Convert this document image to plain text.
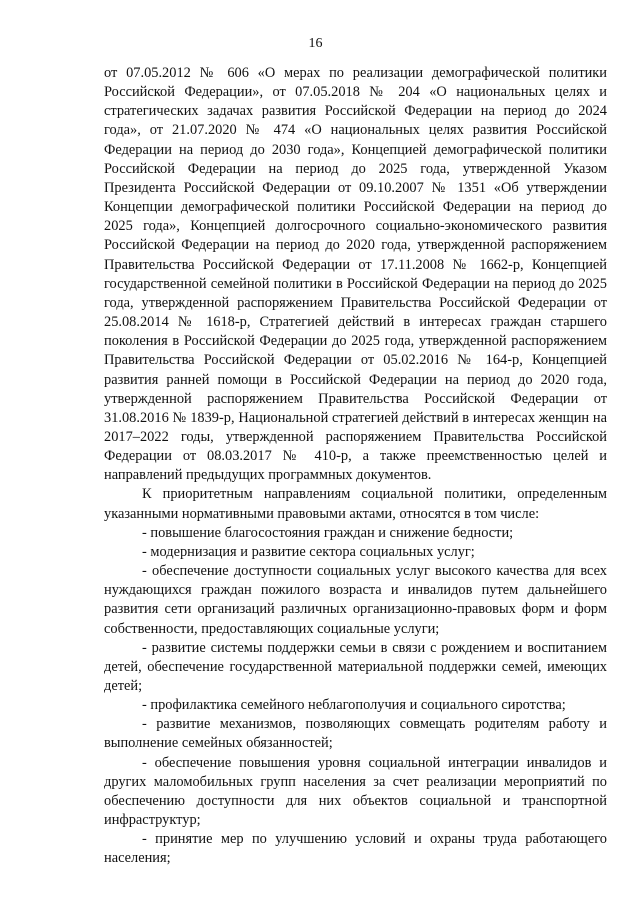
16

от 07.05.2012 № 606 «О мерах по реализации демографической политики Российской Федерации», от 07.05.2018 № 204 «О национальных целях и стратегических задачах развития Российской Федерации на период до 2024 года», от 21.07.2020 № 474 «О национальных целях развития Российской Федерации на период до 2030 года», Концепцией демографической политики Российской Федерации на период до 2025 года, утвержденной Указом Президента Российской Федерации от 09.10.2007 № 1351 «Об утверждении Концепции демографической политики Российской Федерации на период до 2025 года», Концепцией долгосрочного социально-экономического развития Российской Федерации на период до 2020 года, утвержденной распоряжением Правительства Российской Федерации от 17.11.2008 № 1662-р, Концепцией государственной семейной политики в Российской Федерации на период до 2025 года, утвержденной распоряжением Правительства Российской Федерации от 25.08.2014 № 1618-р, Стратегией действий в интересах граждан старшего поколения в Российской Федерации до 2025 года, утвержденной распоряжением Правительства Российской Федерации от 05.02.2016 № 164-р, Концепцией развития ранней помощи в Российской Федерации на период до 2020 года, утвержденной распоряжением Правительства Российской Федерации от 31.08.2016 № 1839-р, Национальной стратегией действий в интересах женщин на 2017–2022 годы, утвержденной распоряжением Правительства Российской Федерации от 08.03.2017 № 410-р, а также преемственностью целей и направлений предыдущих программных документов.

К приоритетным направлениям социальной политики, определенным указанными нормативными правовыми актами, относятся в том числе:

- повышение благосостояния граждан и снижение бедности;

- модернизация и развитие сектора социальных услуг;

- обеспечение доступности социальных услуг высокого качества для всех нуждающихся граждан пожилого возраста и инвалидов путем дальнейшего развития сети организаций различных организационно-правовых форм и форм собственности, предоставляющих социальные услуги;

- развитие системы поддержки семьи в связи с рождением и воспитанием детей, обеспечение государственной материальной поддержки семей, имеющих детей;

- профилактика семейного неблагополучия и социального сиротства;

- развитие механизмов, позволяющих совмещать родителям работу и выполнение семейных обязанностей;

- обеспечение повышения уровня социальной интеграции инвалидов и других маломобильных групп населения за счет реализации мероприятий по обеспечению доступности для них объектов социальной и транспортной инфраструктур;

- принятие мер по улучшению условий и охраны труда работающего населения;
